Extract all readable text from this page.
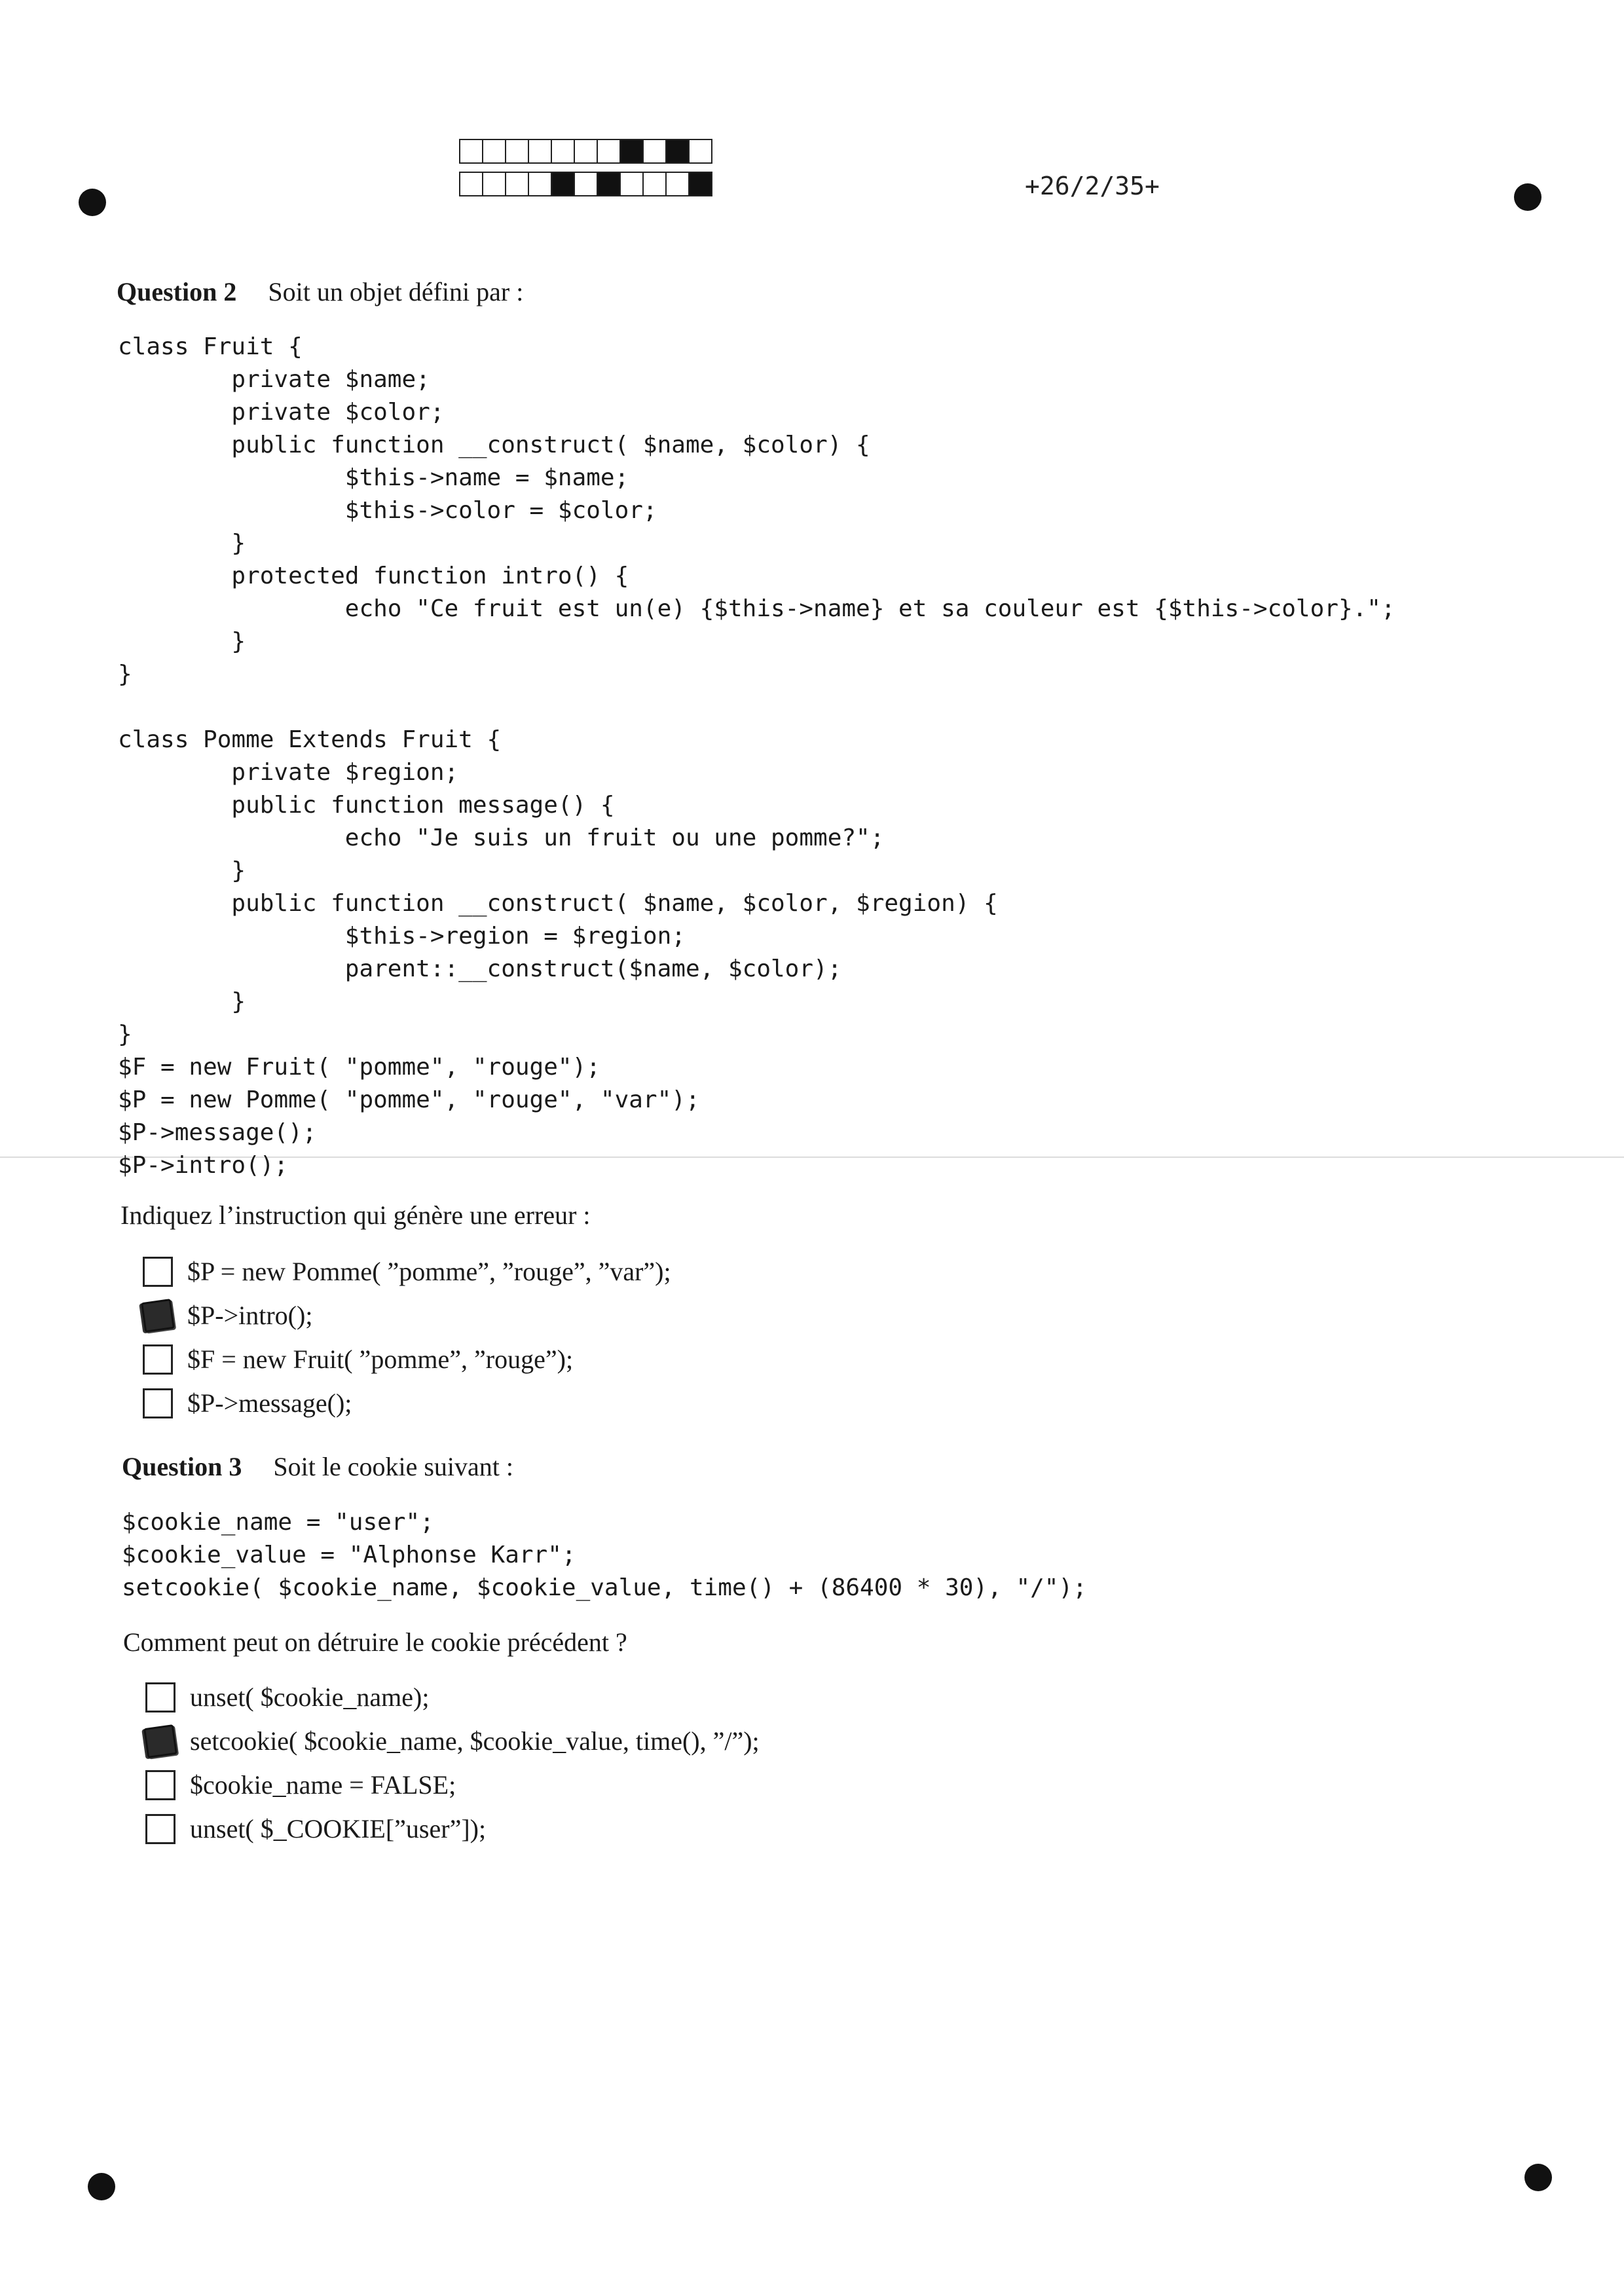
+26/2/35+
Question 2 Soit un objet défini par :
class Fruit {
private $name;
private $color;
public function __construct( $name, $color) {
$this->name = $name;
$this->color = $color;
}
protected function intro() {
echo "Ce fruit est un(e) {$this->name} et sa couleur est {$this->color}.";
}
}

class Pomme Extends Fruit {
private $region;
public function message() {
echo "Je suis un fruit ou une pomme?";
}
public function __construct( $name, $color, $region) {
$this->region = $region;
parent::__construct($name, $color);
}
}
$F = new Fruit( "pomme", "rouge");
$P = new Pomme( "pomme", "rouge", "var");
$P->message();
$P->intro();
Indiquez l’instruction qui génère une erreur :
$P = new Pomme( ”pomme”, ”rouge”, ”var”);
$P->intro();
$F = new Fruit( ”pomme”, ”rouge”);
$P->message();
Question 3 Soit le cookie suivant :
$cookie_name = "user";
$cookie_value = "Alphonse Karr";
setcookie( $cookie_name, $cookie_value, time() + (86400 * 30), "/");
Comment peut on détruire le cookie précédent ?
unset( $cookie_name);
setcookie( $cookie_name, $cookie_value, time(), ”/”);
$cookie_name = FALSE;
unset( $_COOKIE[”user”]);
